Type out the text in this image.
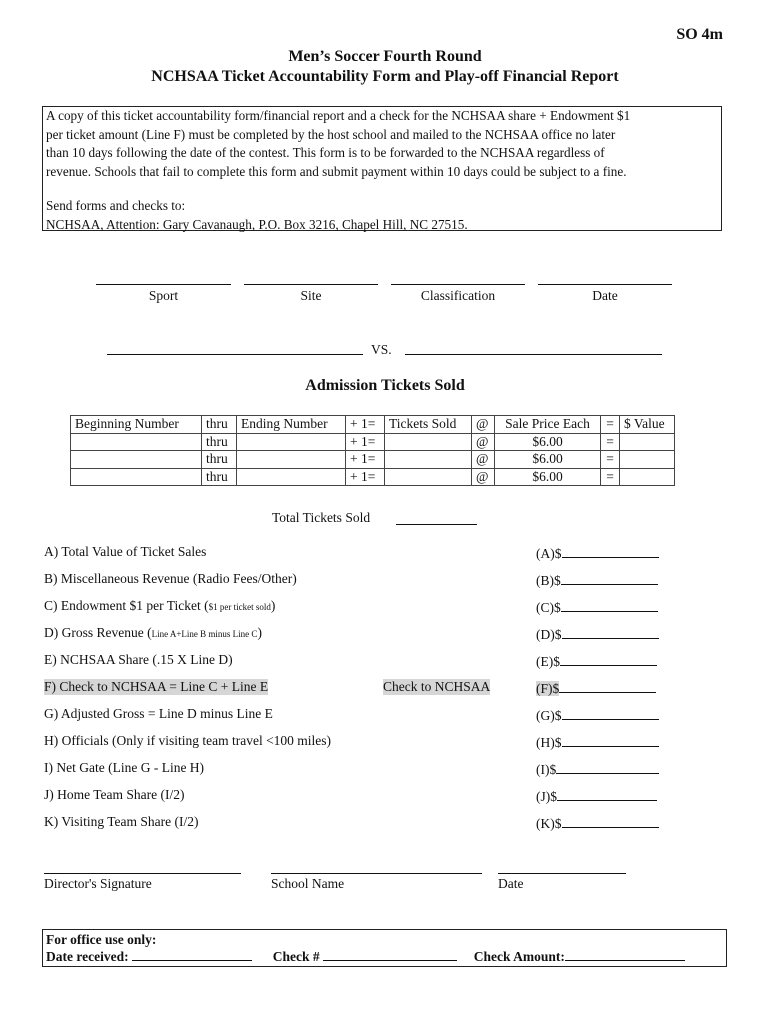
SO 4m
Men’s Soccer Fourth Round
NCHSAA Ticket Accountability Form and Play-off Financial Report

A copy of this ticket accountability form/financial report and a check for the NCHSAA share + Endowment $1

per ticket amount (Line F) must be completed by the host school and mailed to the NCHSAA office no later

than 10 days following the date of the contest. This form is to be forwarded to the NCHSAA regardless of

revenue. Schools that fail to complete this form and submit payment within 10 days could be subject to a fine.

Send forms and checks to:

NCHSAA, Attention: Gary Cavanaugh, P.O. Box 3216, Chapel Hill, NC 27515.

Sport	Site	Classification	Date
VS.
Admission Tickets Sold
Beginning Number	thru	Ending Number	+ 1=	Tickets Sold	@	Sale Price Each	=	$ Value
	thru		+ 1=		@	$6.00	=	
	thru		+ 1=		@	$6.00	=	
	thru		+ 1=		@	$6.00	=	
Total Tickets Sold
A) Total Value of Ticket Sales	(A)$
B) Miscellaneous Revenue (Radio Fees/Other)	(B)$
C) Endowment $1 per Ticket ($1 per ticket sold)	(C)$
D) Gross Revenue (Line A+Line B minus Line C)	(D)$
E) NCHSAA Share (.15 X Line D)	(E)$
F) Check to NCHSAA = Line C + Line E	Check to NCHSAA	(F)$
G) Adjusted Gross = Line D minus Line E	(G)$
H) Officials (Only if visiting team travel <100 miles)	(H)$
I) Net Gate (Line G - Line H)	(I)$
J) Home Team Share (I/2)	(J)$
K) Visiting Team Share (I/2)	(K)$
Director's Signature	School Name	Date
For office use only:
Date received:	Check #	Check Amount:
